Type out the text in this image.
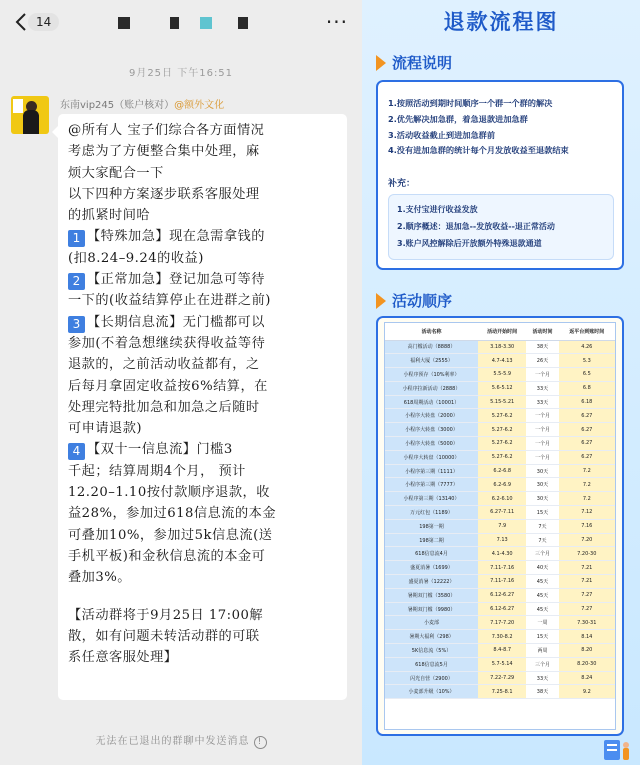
14	···
9月25日 下午16:51
东南vip245（账户核对）@额外文化

@所有人 宝子们综合各方面情况

考虑为了方便整合集中处理，麻

烦大家配合一下

以下四种方案逐步联系客服处理

的抓紧时间哈

1 【特殊加急】现在急需拿钱的

(扣8.24–9.24的收益)

2 【正常加急】登记加急可等待

一下的(收益结算停止在进群之前)

3 【长期信息流】无门槛都可以

参加(不着急想继续获得收益等待

退款的，之前活动收益都有，之

后每月拿固定收益按6%结算，在

处理完特批加急和加急之后随时

可申请退款)

4 【双十一信息流】门槛3

千起；结算周期4个月， 预计

12.20–1.10按付款顺序退款，收

益28%，参加过618信息流的本金

可叠加10%，参加过5k信息流(送

手机平板)和金秋信息流的本金可

叠加3%。

【活动群将于9月25日 17:00解

散，如有问题未转活动群的可联

系任意客服处理】

无法在已退出的群聊中发送消息 !
退款流程图
流程说明
1.按照活动到期时间顺序一个群一个群的解决
2.优先解决加急群，着急退款进加急群
3.活动收益截止到进加急群前
4.没有进加急群的统计每个月发放收益至退款结束
补充：
1.支付宝进行收益发放
2.顺序概述：退加急--发放收益--退正常活动
3.账户风控解除后开放额外特殊退款通道
活动顺序
活动名称	活动开始时间	活动时间	返平台到账时间
高门槛活动（8888）	3.18-3.30	38天	4.26
福利大厦（2555）	4.7-4.13	26天	5.3
小程序预存（10%利率）	5.5-5.9	一个月	6.5
小程序拉新活动（2888）	5.6-5.12	33天	6.8
618周期活动（10001）	5.15-5.21	33天	6.18
小程序大转盘（2000）	5.27-6.2	一个月	6.27
小程序大转盘（3000）	5.27-6.2	一个月	6.27
小程序大转盘（5000）	5.27-6.2	一个月	6.27
小程序大转盘（10000）	5.27-6.2	一个月	6.27
小程序第三期（1111）	6.2-6.8	30天	7.2
小程序第三期（7777）	6.2-6.9	30天	7.2
小程序第三期（13140）	6.2-6.10	30天	7.2
万元红包（1189）	6.27-7.11	15天	7.12
198第一期	7.9	7天	7.16
198第二期	7.13	7天	7.20
618信息流4月	4.1-4.30	三个月	7.20-30
盛夏消暑（1699）	7.11-7.16	40天	7.21
盛夏消暑（12222）	7.11-7.16	45天	7.21
暑期双门槛（3580）	6.12-6.27	45天	7.27
暑期双门槛（9980）	6.12-6.27	45天	7.27
小麦部	7.17-7.20	一周	7.30-31
暑期大福利（298）	7.30-8.2	15天	8.14
5K信息流（5%）	8.4-8.7	两周	8.20
618信息流5月	5.7-5.14	三个月	8.20-30
闪光自营（2900）	7.22-7.29	33天	8.24
小麦部升级（10%）	7.25-8.1	38天	9.2
